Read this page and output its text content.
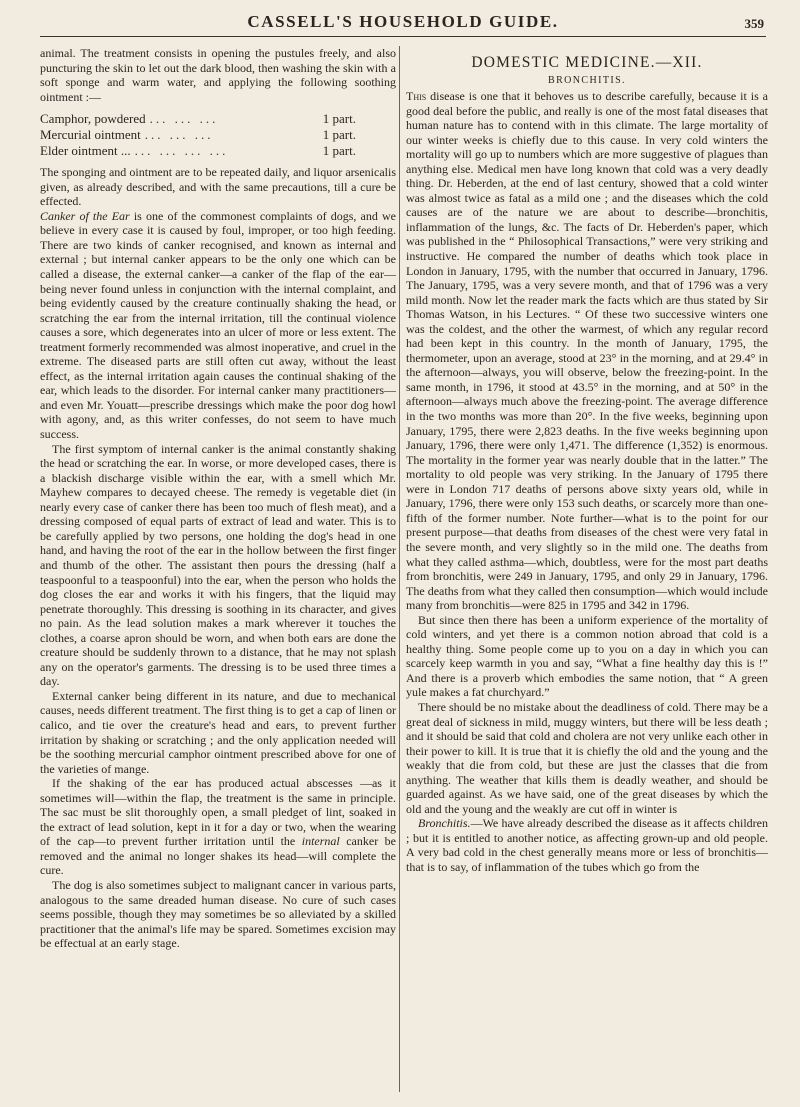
CASSELL'S HOUSEHOLD GUIDE.	359

animal. The treatment consists in opening the pustules freely, and also puncturing the skin to let out the dark blood, then washing the skin with a soft sponge and warm water, and applying the following soothing ointment :—

Camphor, powdered ... ... ...	1 part.
Mercurial ointment ... ... ...	1 part.
Elder ointment ... ... ... ... ...	1 part.

The sponging and ointment are to be repeated daily, and liquor arsenicalis given, as already described, and with the same precautions, till a cure be effected.

Canker of the Ear is one of the commonest complaints of dogs, and we believe in every case it is caused by foul, improper, or too high feeding. There are two kinds of canker recognised, and known as internal and external ; but internal canker appears to be the only one which can be called a disease, the external canker—a canker of the flap of the ear—being never found unless in conjunction with the internal complaint, and being evidently caused by the creature continually shaking the head, or scratching the ear from the internal irritation, till the continual violence causes a sore, which degenerates into an ulcer of more or less extent. The treatment formerly recommended was almost inoperative, and cruel in the extreme. The diseased parts are still often cut away, without the least effect, as the internal irritation again causes the continual shaking of the ear, which leads to the disorder. For internal canker many practitioners—and even Mr. Youatt—prescribe dressings which make the poor dog howl with agony, and, as this writer confesses, do not seem to have much success.

The first symptom of internal canker is the animal constantly shaking the head or scratching the ear. In worse, or more developed cases, there is a blackish discharge visible within the ear, with a smell which Mr. Mayhew compares to decayed cheese. The remedy is vegetable diet (in nearly every case of canker there has been too much of flesh meat), and a dressing composed of equal parts of extract of lead and water. This is to be carefully applied by two persons, one holding the dog's head in one hand, and having the root of the ear in the hollow between the first finger and thumb of the other. The assistant then pours the dressing (half a teaspoonful to a teaspoonful) into the ear, when the person who holds the dog closes the ear and works it with his fingers, that the liquid may penetrate thoroughly. This dressing is soothing in its character, and gives no pain. As the lead solution makes a mark wherever it touches the clothes, a coarse apron should be worn, and when both ears are done the creature should be suddenly thrown to a distance, that he may not splash any on the operator's garments. The dressing is to be used three times a day.

External canker being different in its nature, and due to mechanical causes, needs different treatment. The first thing is to get a cap of linen or calico, and tie over the creature's head and ears, to prevent further irritation by shaking or scratching ; and the only application needed will be the soothing mercurial camphor ointment prescribed above for one of the varieties of mange.

If the shaking of the ear has produced actual abscesses —as it sometimes will—within the flap, the treatment is the same in principle. The sac must be slit thoroughly open, a small pledget of lint, soaked in the extract of lead solution, kept in it for a day or two, when the wearing of the cap—to prevent further irritation until the internal canker be removed and the animal no longer shakes its head—will complete the cure.

The dog is also sometimes subject to malignant cancer in various parts, analogous to the same dreaded human disease. No cure of such cases seems possible, though they may sometimes be so alleviated by a skilled practitioner that the animal's life may be spared. Sometimes excision may be effectual at an early stage.

DOMESTIC MEDICINE.—XII.
BRONCHITIS.

This disease is one that it behoves us to describe carefully, because it is a good deal before the public, and really is one of the most fatal diseases that human nature has to contend with in this climate. The large mortality of our winter weeks is chiefly due to this cause. In very cold winters the mortality will go up to numbers which are more suggestive of plagues than anything else. Medical men have long known that cold was a very deadly thing. Dr. Heberden, at the end of last century, showed that a cold winter was almost twice as fatal as a mild one ; and the diseases which the cold causes are of the nature we are about to describe—bronchitis, inflammation of the lungs, &c. The facts of Dr. Heberden's paper, which was published in the “ Philosophical Transactions,” were very striking and instructive. He compared the number of deaths which took place in London in January, 1795, with the number that occurred in January, 1796. The January, 1795, was a very severe month, and that of 1796 was a very mild month. Now let the reader mark the facts which are thus stated by Sir Thomas Watson, in his Lectures. “ Of these two successive winters one was the coldest, and the other the warmest, of which any regular record had been kept in this country. In the month of January, 1795, the thermometer, upon an average, stood at 23° in the morning, and at 29.4° in the afternoon—always, you will observe, below the freezing-point. In the same month, in 1796, it stood at 43.5° in the morning, and at 50° in the afternoon—always much above the freezing-point. The average difference in the two months was more than 20°. In the five weeks, beginning upon January, 1795, there were 2,823 deaths. In the five weeks beginning upon January, 1796, there were only 1,471. The difference (1,352) is enormous. The mortality in the former year was nearly double that in the latter.” The mortality to old people was very striking. In the January of 1795 there were in London 717 deaths of persons above sixty years old, while in January, 1796, there were only 153 such deaths, or scarcely more than one-fifth of the former number. Note further—what is to the point for our present purpose—that deaths from diseases of the chest were very fatal in the severe month, and very slightly so in the mild one. The deaths from what they called asthma—which, doubtless, were for the most part deaths from bronchitis, were 249 in January, 1795, and only 29 in January, 1796. The deaths from what they called then consumption—which would include many from bronchitis—were 825 in 1795 and 342 in 1796.

But since then there has been a uniform experience of the mortality of cold winters, and yet there is a common notion abroad that cold is a healthy thing. Some people come up to you on a day in which you can scarcely keep warmth in you and say, “What a fine healthy day this is !” And there is a proverb which embodies the same notion, that “ A green yule makes a fat churchyard.”

There should be no mistake about the deadliness of cold. There may be a great deal of sickness in mild, muggy winters, but there will be less death ; and it should be said that cold and cholera are not very unlike each other in their power to kill. It is true that it is chiefly the old and the young and the weakly that die from cold, but these are just the classes that die from anything. The weather that kills them is deadly weather, and should be guarded against. As we have said, one of the great diseases by which the old and the young and the weakly are cut off in winter is

Bronchitis.—We have already described the disease as it affects children ; but it is entitled to another notice, as affecting grown-up and old people. A very bad cold in the chest generally means more or less of bronchitis—that is to say, of inflammation of the tubes which go from the
